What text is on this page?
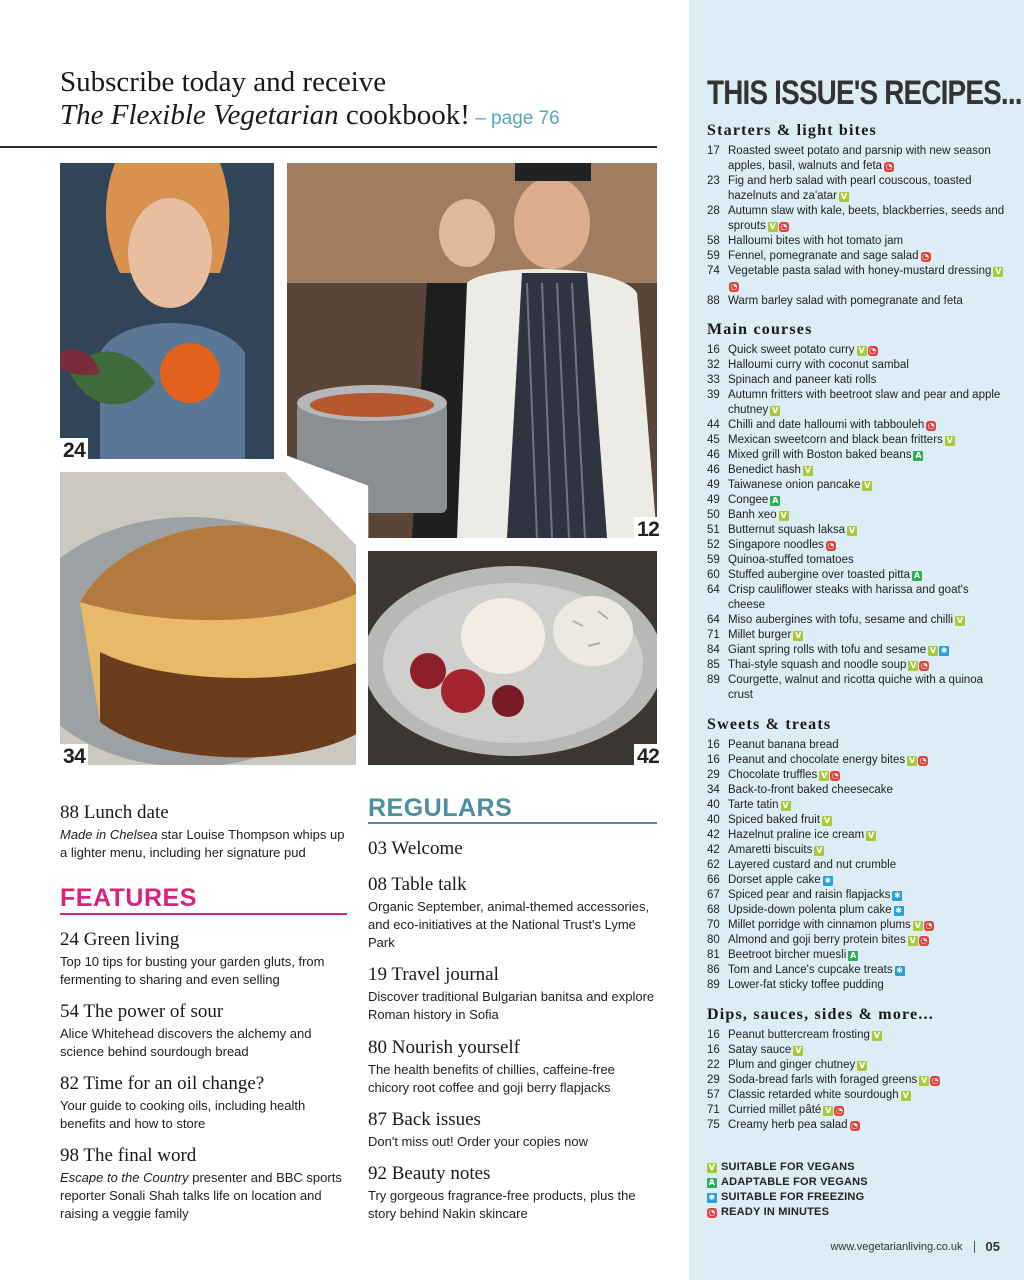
Subscribe today and receive
The Flexible Vegetarian cookbook! – page 76
24
12
34	42
88 Lunch date
Made in Chelsea star Louise Thompson whips up a lighter menu, including her signature pud
FEATURES
24 Green living
Top 10 tips for busting your garden gluts, from fermenting to sharing and even selling
54 The power of sour
Alice Whitehead discovers the alchemy and science behind sourdough bread
82 Time for an oil change?
Your guide to cooking oils, including health benefits and how to store
98 The final word
Escape to the Country presenter and BBC sports reporter Sonali Shah talks life on location and raising a veggie family
REGULARS
03 Welcome
08 Table talk
Organic September, animal-themed accessories, and eco-initiatives at the National Trust's Lyme Park
19 Travel journal
Discover traditional Bulgarian banitsa and explore Roman history in Sofia
80 Nourish yourself
The health benefits of chillies, caffeine-free chicory root coffee and goji berry flapjacks
87 Back issues
Don't miss out! Order your copies now
92 Beauty notes
Try gorgeous fragrance-free products, plus the story behind Nakin skincare
THIS ISSUE'S RECIPES...
Starters & light bites
17 Roasted sweet potato and parsnip with new season apples, basil, walnuts and feta ◔
23 Fig and herb salad with pearl couscous, toasted hazelnuts and za'atar V
28 Autumn slaw with kale, beets, blackberries, seeds and sprouts V ◔
58 Halloumi bites with hot tomato jam
59 Fennel, pomegranate and sage salad ◔
74 Vegetable pasta salad with honey-mustard dressing V◔
88 Warm barley salad with pomegranate and feta
Main courses
16 Quick sweet potato curry V ◔
32 Halloumi curry with coconut sambal
33 Spinach and paneer kati rolls
39 Autumn fritters with beetroot slaw and pear and apple chutney V
44 Chilli and date halloumi with tabbouleh ◔
45 Mexican sweetcorn and black bean fritters V
46 Mixed grill with Boston baked beans A
46 Benedict hash V
49 Taiwanese onion pancake V
49 Congee A
50 Banh xeo V
51 Butternut squash laksa V
52 Singapore noodles ◔
59 Quinoa-stuffed tomatoes
60 Stuffed aubergine over toasted pitta A
64 Crisp cauliflower steaks with harissa and goat's cheese
64 Miso aubergines with tofu, sesame and chilli V
71 Millet burger V
84 Giant spring rolls with tofu and sesame V ✱
85 Thai-style squash and noodle soup V ◔
89 Courgette, walnut and ricotta quiche with a quinoa crust
Sweets & treats
16 Peanut banana bread
16 Peanut and chocolate energy bites V ◔
29 Chocolate truffles V ◔
34 Back-to-front baked cheesecake
40 Tarte tatin V
40 Spiced baked fruit V
42 Hazelnut praline ice cream V
42 Amaretti biscuits V
62 Layered custard and nut crumble
66 Dorset apple cake ✱
67 Spiced pear and raisin flapjacks ✱
68 Upside-down polenta plum cake ✱
70 Millet porridge with cinnamon plums V ◔
80 Almond and goji berry protein bites V ◔
81 Beetroot bircher muesli A
86 Tom and Lance's cupcake treats ✱
89 Lower-fat sticky toffee pudding
Dips, sauces, sides & more...
16 Peanut buttercream frosting V
16 Satay sauce V
22 Plum and ginger chutney V
29 Soda-bread farls with foraged greens V ◔
57 Classic retarded white sourdough V
71 Curried millet pâté V ◔
75 Creamy herb pea salad ◔
V SUITABLE FOR VEGANS
A ADAPTABLE FOR VEGANS
✱ SUITABLE FOR FREEZING
◔ READY IN MINUTES
www.vegetarianliving.co.uk 05
